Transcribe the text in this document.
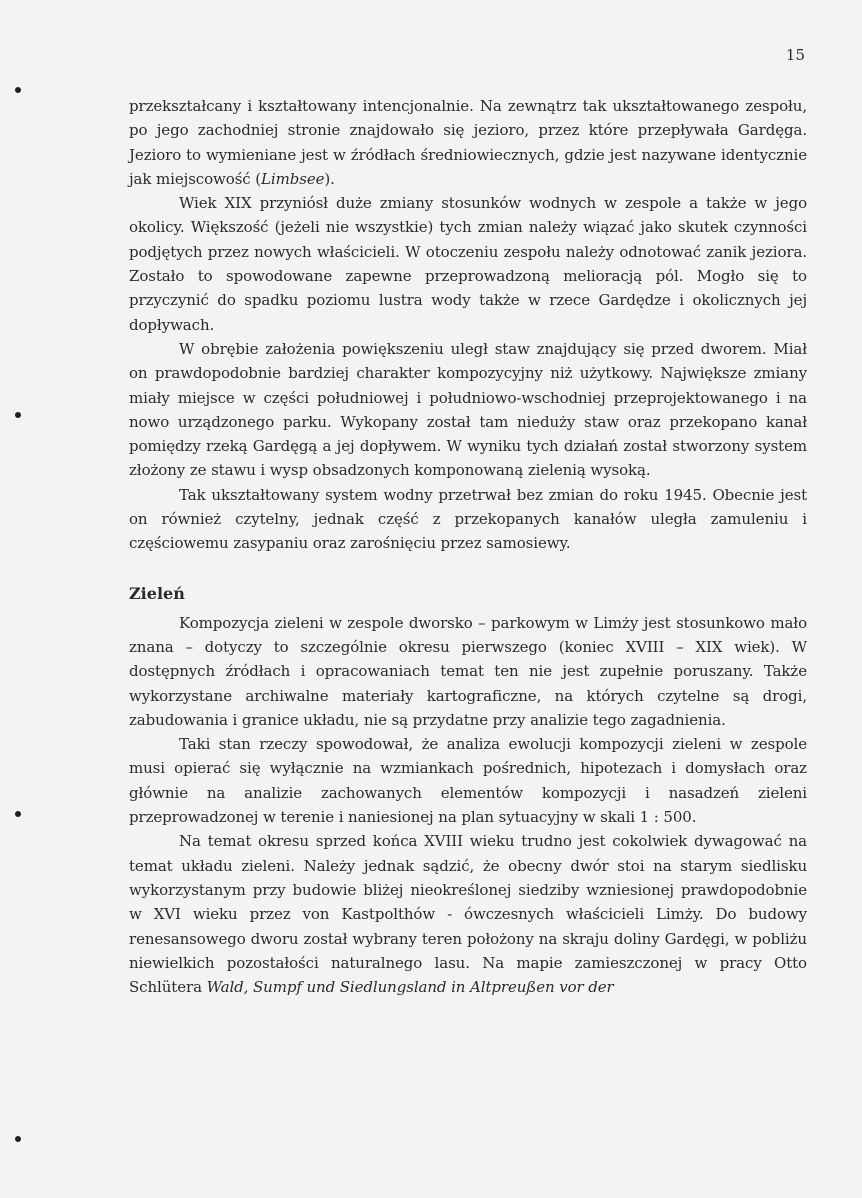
15

przekształcany i kształtowany intencjonalnie. Na zewnątrz tak ukształtowanego zespołu, po jego zachodniej stronie znajdowało się jezioro, przez które przepływała Gardęga. Jezioro to wymieniane jest w źródłach średniowiecznych, gdzie jest nazywane identycznie jak miejscowość (Limbsee).

Wiek XIX przyniósł duże zmiany stosunków wodnych w zespole a także w jego okolicy. Większość (jeżeli nie wszystkie) tych zmian należy wiązać jako skutek czynności podjętych przez nowych właścicieli. W otoczeniu zespołu należy odnotować zanik jeziora. Zostało to spowodowane zapewne przeprowadzoną melioracją pól. Mogło się to przyczynić do spadku poziomu lustra wody także w rzece Gardędze i okolicznych jej dopływach.

W obrębie założenia powiększeniu uległ staw znajdujący się przed dworem. Miał on prawdopodobnie bardziej charakter kompozycyjny niż użytkowy. Największe zmiany miały miejsce w części południowej i południowo-wschodniej przeprojektowanego i na nowo urządzonego parku. Wykopany został tam nieduży staw oraz przekopano kanał pomiędzy rzeką Gardęgą a jej dopływem. W wyniku tych działań został stworzony system złożony ze stawu i wysp obsadzonych komponowaną zielenią wysoką.

Tak ukształtowany system wodny przetrwał bez zmian do roku 1945. Obecnie jest on również czytelny, jednak część z przekopanych kanałów uległa zamuleniu i częściowemu zasypaniu oraz zarośnięciu przez samosiewy.

Zieleń

Kompozycja zieleni w zespole dworsko – parkowym w Limży jest stosunkowo mało znana – dotyczy to szczególnie okresu pierwszego (koniec XVIII – XIX wiek). W dostępnych źródłach i opracowaniach temat ten nie jest zupełnie poruszany. Także wykorzystane archiwalne materiały kartograficzne, na których czytelne są drogi, zabudowania i granice układu, nie są przydatne przy analizie tego zagadnienia.

Taki stan rzeczy spowodował, że analiza ewolucji kompozycji zieleni w zespole musi opierać się wyłącznie na wzmiankach pośrednich, hipotezach i domysłach oraz głównie na analizie zachowanych elementów kompozycji i nasadzeń zieleni przeprowadzonej w terenie i naniesionej na plan sytuacyjny w skali 1 : 500.

Na temat okresu sprzed końca XVIII wieku trudno jest cokolwiek dywagować na temat układu zieleni. Należy jednak sądzić, że obecny dwór stoi na starym siedlisku wykorzystanym przy budowie bliżej nieokreślonej siedziby wzniesionej prawdopodobnie w XVI wieku przez von Kastpolthów - ówczesnych właścicieli Limży. Do budowy renesansowego dworu został wybrany teren położony na skraju doliny Gardęgi, w pobliżu niewielkich pozostałości naturalnego lasu. Na mapie zamieszczonej w pracy Otto Schlütera Wald, Sumpf und Siedlungsland in Altpreußen vor der
